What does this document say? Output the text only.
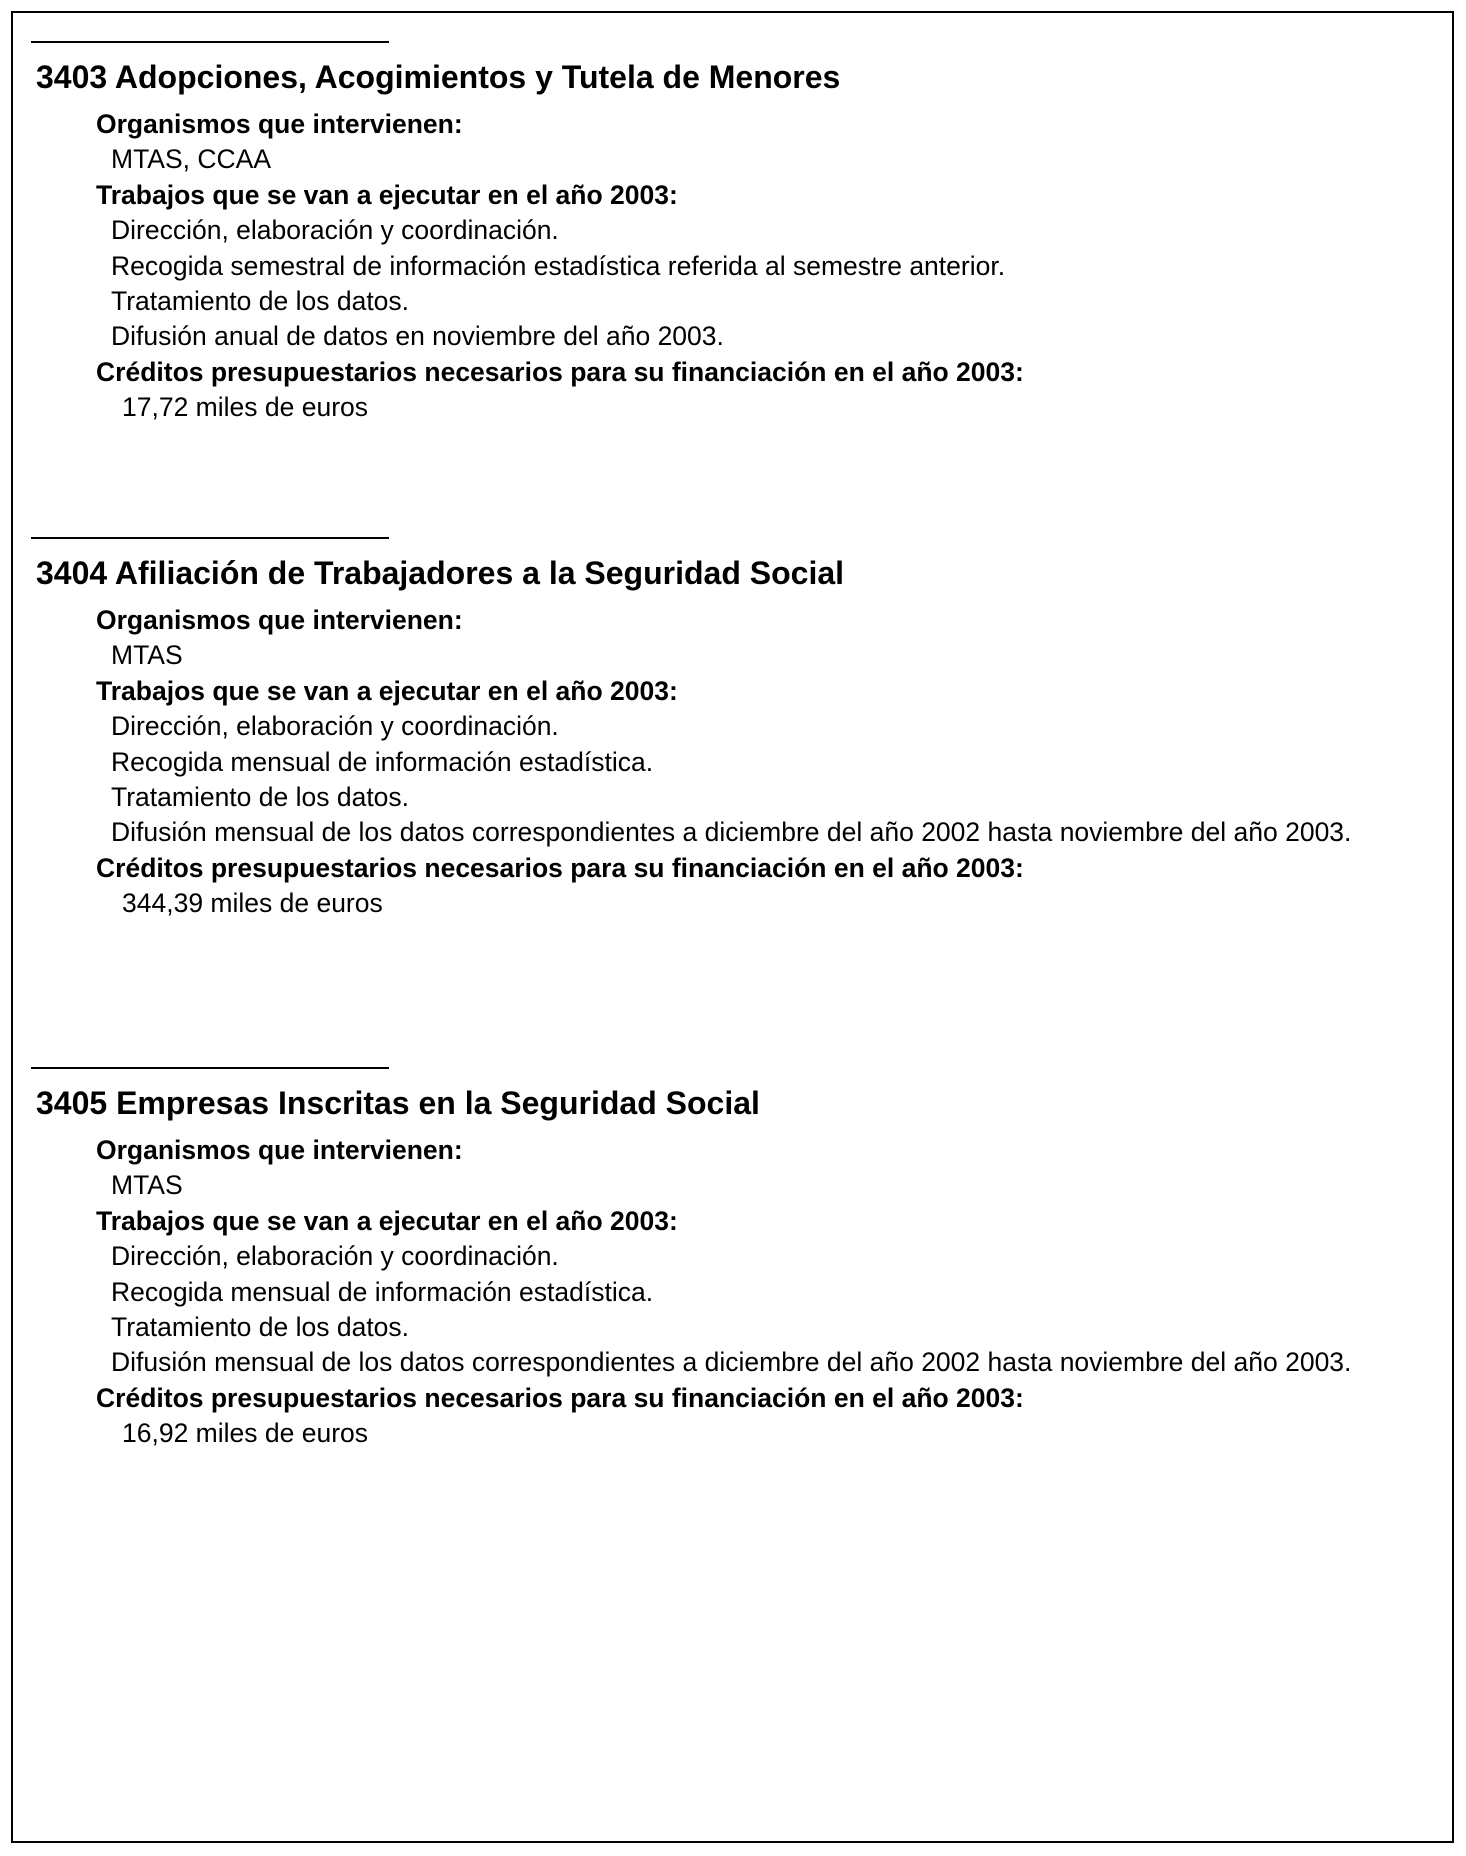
3403 Adopciones, Acogimientos y Tutela de Menores
Organismos que intervienen:
MTAS, CCAA
Trabajos que se van a ejecutar en el año 2003:
Dirección, elaboración y coordinación.
Recogida semestral de información estadística referida al semestre anterior.
Tratamiento de los datos.
Difusión anual de datos en noviembre del año 2003.
Créditos presupuestarios necesarios para su financiación en el año 2003:
17,72 miles de euros
3404 Afiliación de Trabajadores a la Seguridad Social
Organismos que intervienen:
MTAS
Trabajos que se van a ejecutar en el año 2003:
Dirección, elaboración y coordinación.
Recogida mensual de información estadística.
Tratamiento de los datos.
Difusión mensual de los datos correspondientes a diciembre del año 2002 hasta noviembre del año 2003.
Créditos presupuestarios necesarios para su financiación en el año 2003:
344,39 miles de euros
3405 Empresas Inscritas en la Seguridad Social
Organismos que intervienen:
MTAS
Trabajos que se van a ejecutar en el año 2003:
Dirección, elaboración y coordinación.
Recogida mensual de información estadística.
Tratamiento de los datos.
Difusión mensual de los datos correspondientes a diciembre del año 2002 hasta noviembre del año 2003.
Créditos presupuestarios necesarios para su financiación en el año 2003:
16,92 miles de euros
